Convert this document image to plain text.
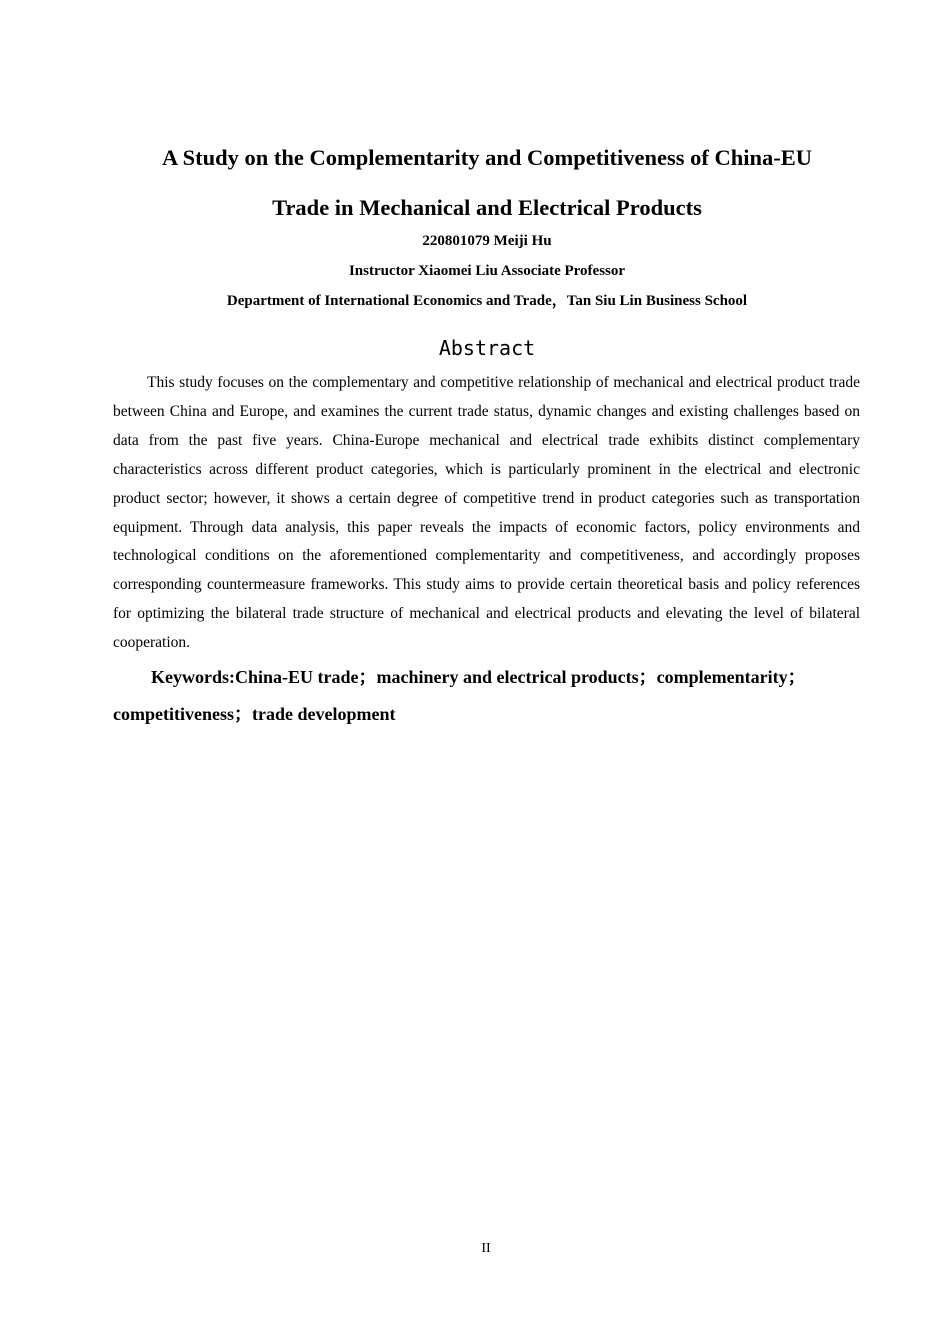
A Study on the Complementarity and Competitiveness of China-EU
Trade in Mechanical and Electrical Products
220801079 Meiji Hu
Instructor Xiaomei Liu Associate Professor
Department of International Economics and Trade，Tan Siu Lin Business School
Abstract

This study focuses on the complementary and competitive relationship of mechanical and electrical product trade between China and Europe, and examines the current trade status, dynamic changes and existing challenges based on data from the past five years. China-Europe mechanical and electrical trade exhibits distinct complementary characteristics across different product categories, which is particularly prominent in the electrical and electronic product sector; however, it shows a certain degree of competitive trend in product categories such as transportation equipment. Through data analysis, this paper reveals the impacts of economic factors, policy environments and technological conditions on the aforementioned complementarity and competitiveness, and accordingly proposes corresponding countermeasure frameworks. This study aims to provide certain theoretical basis and policy references for optimizing the bilateral trade structure of mechanical and electrical products and elevating the level of bilateral cooperation.

Keywords:China-EU trade；machinery and electrical products；complementarity；competitiveness；trade development

II
